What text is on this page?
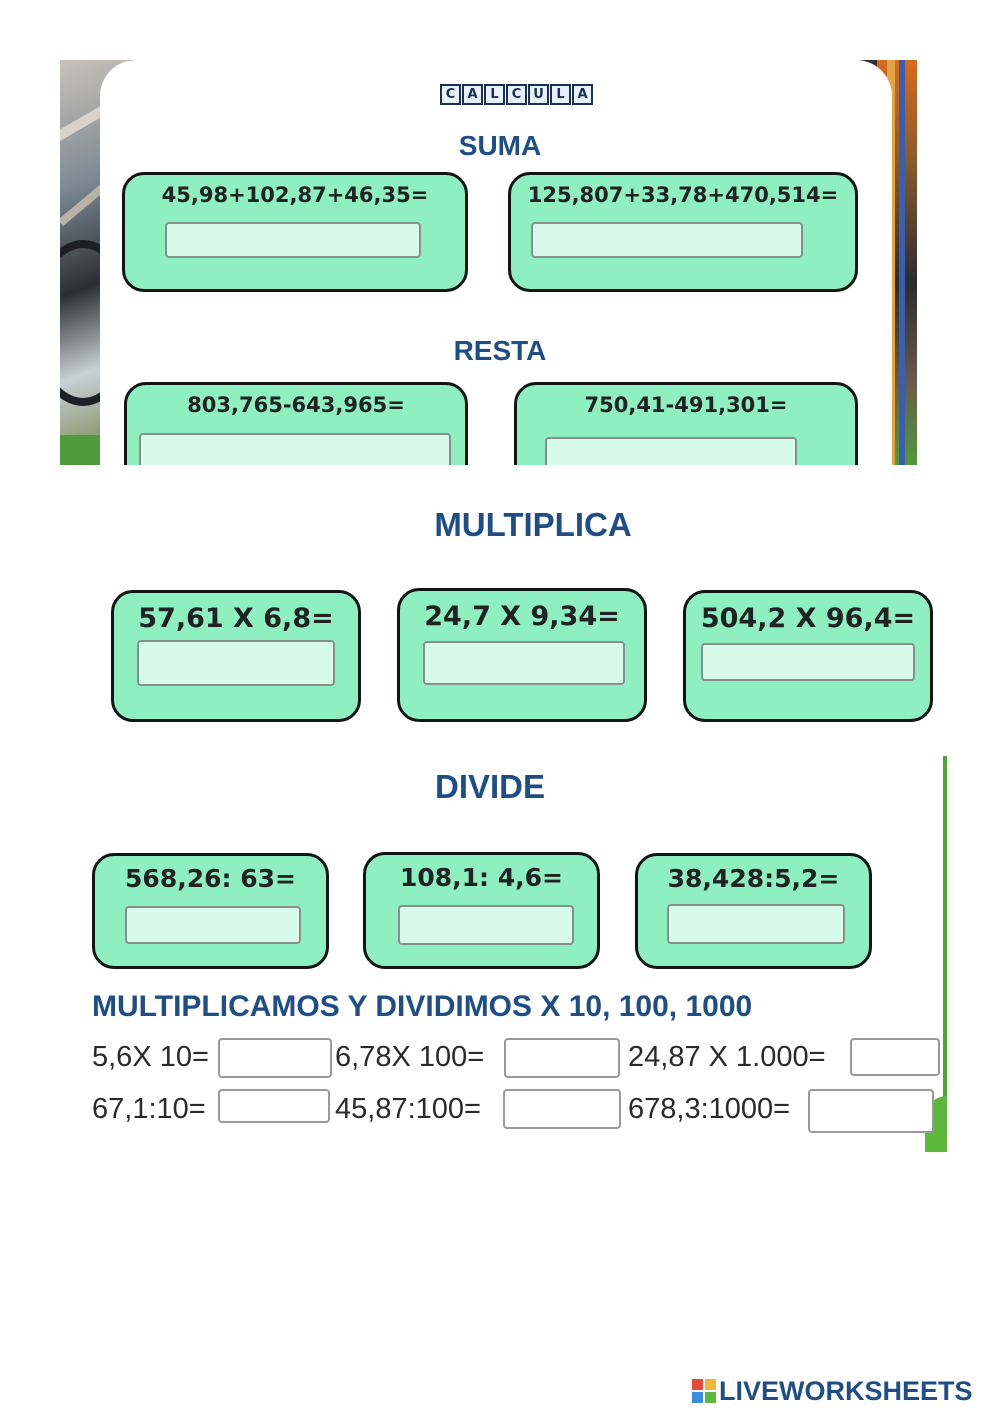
C A L	C U L A
SUMA
45,98+102,87+46,35=	125,807+33,78+470,514=
RESTA
803,765-643,965=	750,41-491,301=
MULTIPLICA
57,61 X 6,8=	24,7 X 9,34=	504,2 X 96,4=
DIVIDE
568,26: 63=	108,1: 4,6=	38,428:5,2=
MULTIPLICAMOS Y DIVIDIMOS X 10, 100, 1000
5,6X 10=	6,78X 100=	24,87 X 1.000=
67,1:10=	45,87:100=	678,3:1000=
LIVEWORKSHEETS
